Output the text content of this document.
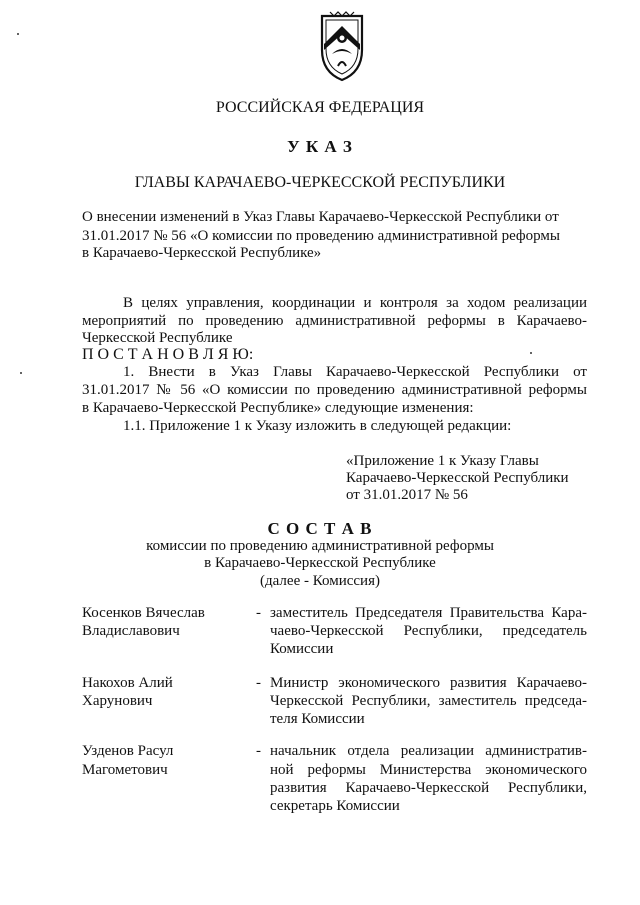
РОССИЙСКАЯ ФЕДЕРАЦИЯ
У К А З
ГЛАВЫ КАРАЧАЕВО-ЧЕРКЕССКОЙ РЕСПУБЛИКИ
О внесении изменений в Указ Главы Карачаево-Черкесской Республики от
31.01.2017 № 56 «О комиссии по проведению административной реформы
в Карачаево-Черкесской Республике»
В целях управления, координации и контроля за ходом реализации
мероприятий по проведению административной реформы в Карачаево-
Черкесской Республике
П О С Т А Н О В Л Я Ю:
1. Внести в Указ Главы Карачаево-Черкесской Республики от
31.01.2017 № 56 «О комиссии по проведению административной реформы
в Карачаево-Черкесской Республике» следующие изменения:
1.1. Приложение 1 к Указу изложить в следующей редакции:
«Приложение 1 к Указу Главы
Карачаево-Черкесской Республики
от 31.01.2017 № 56
С О С Т А В
комиссии по проведению административной реформы
в Карачаево-Черкесской Республике
(далее - Комиссия)
Косенков Вячеслав
Владиславович
- заместитель Председателя Правительства Кара-
чаево-Черкесской Республики, председатель
Комиссии
Накохов Алий
Харунович
- Министр экономического развития Карачаево-
Черкесской Республики, заместитель председа-
теля Комиссии
Узденов Расул
Магометович
- начальник отдела реализации административ-
ной реформы Министерства экономического
развития Карачаево-Черкесской Республики,
секретарь Комиссии
